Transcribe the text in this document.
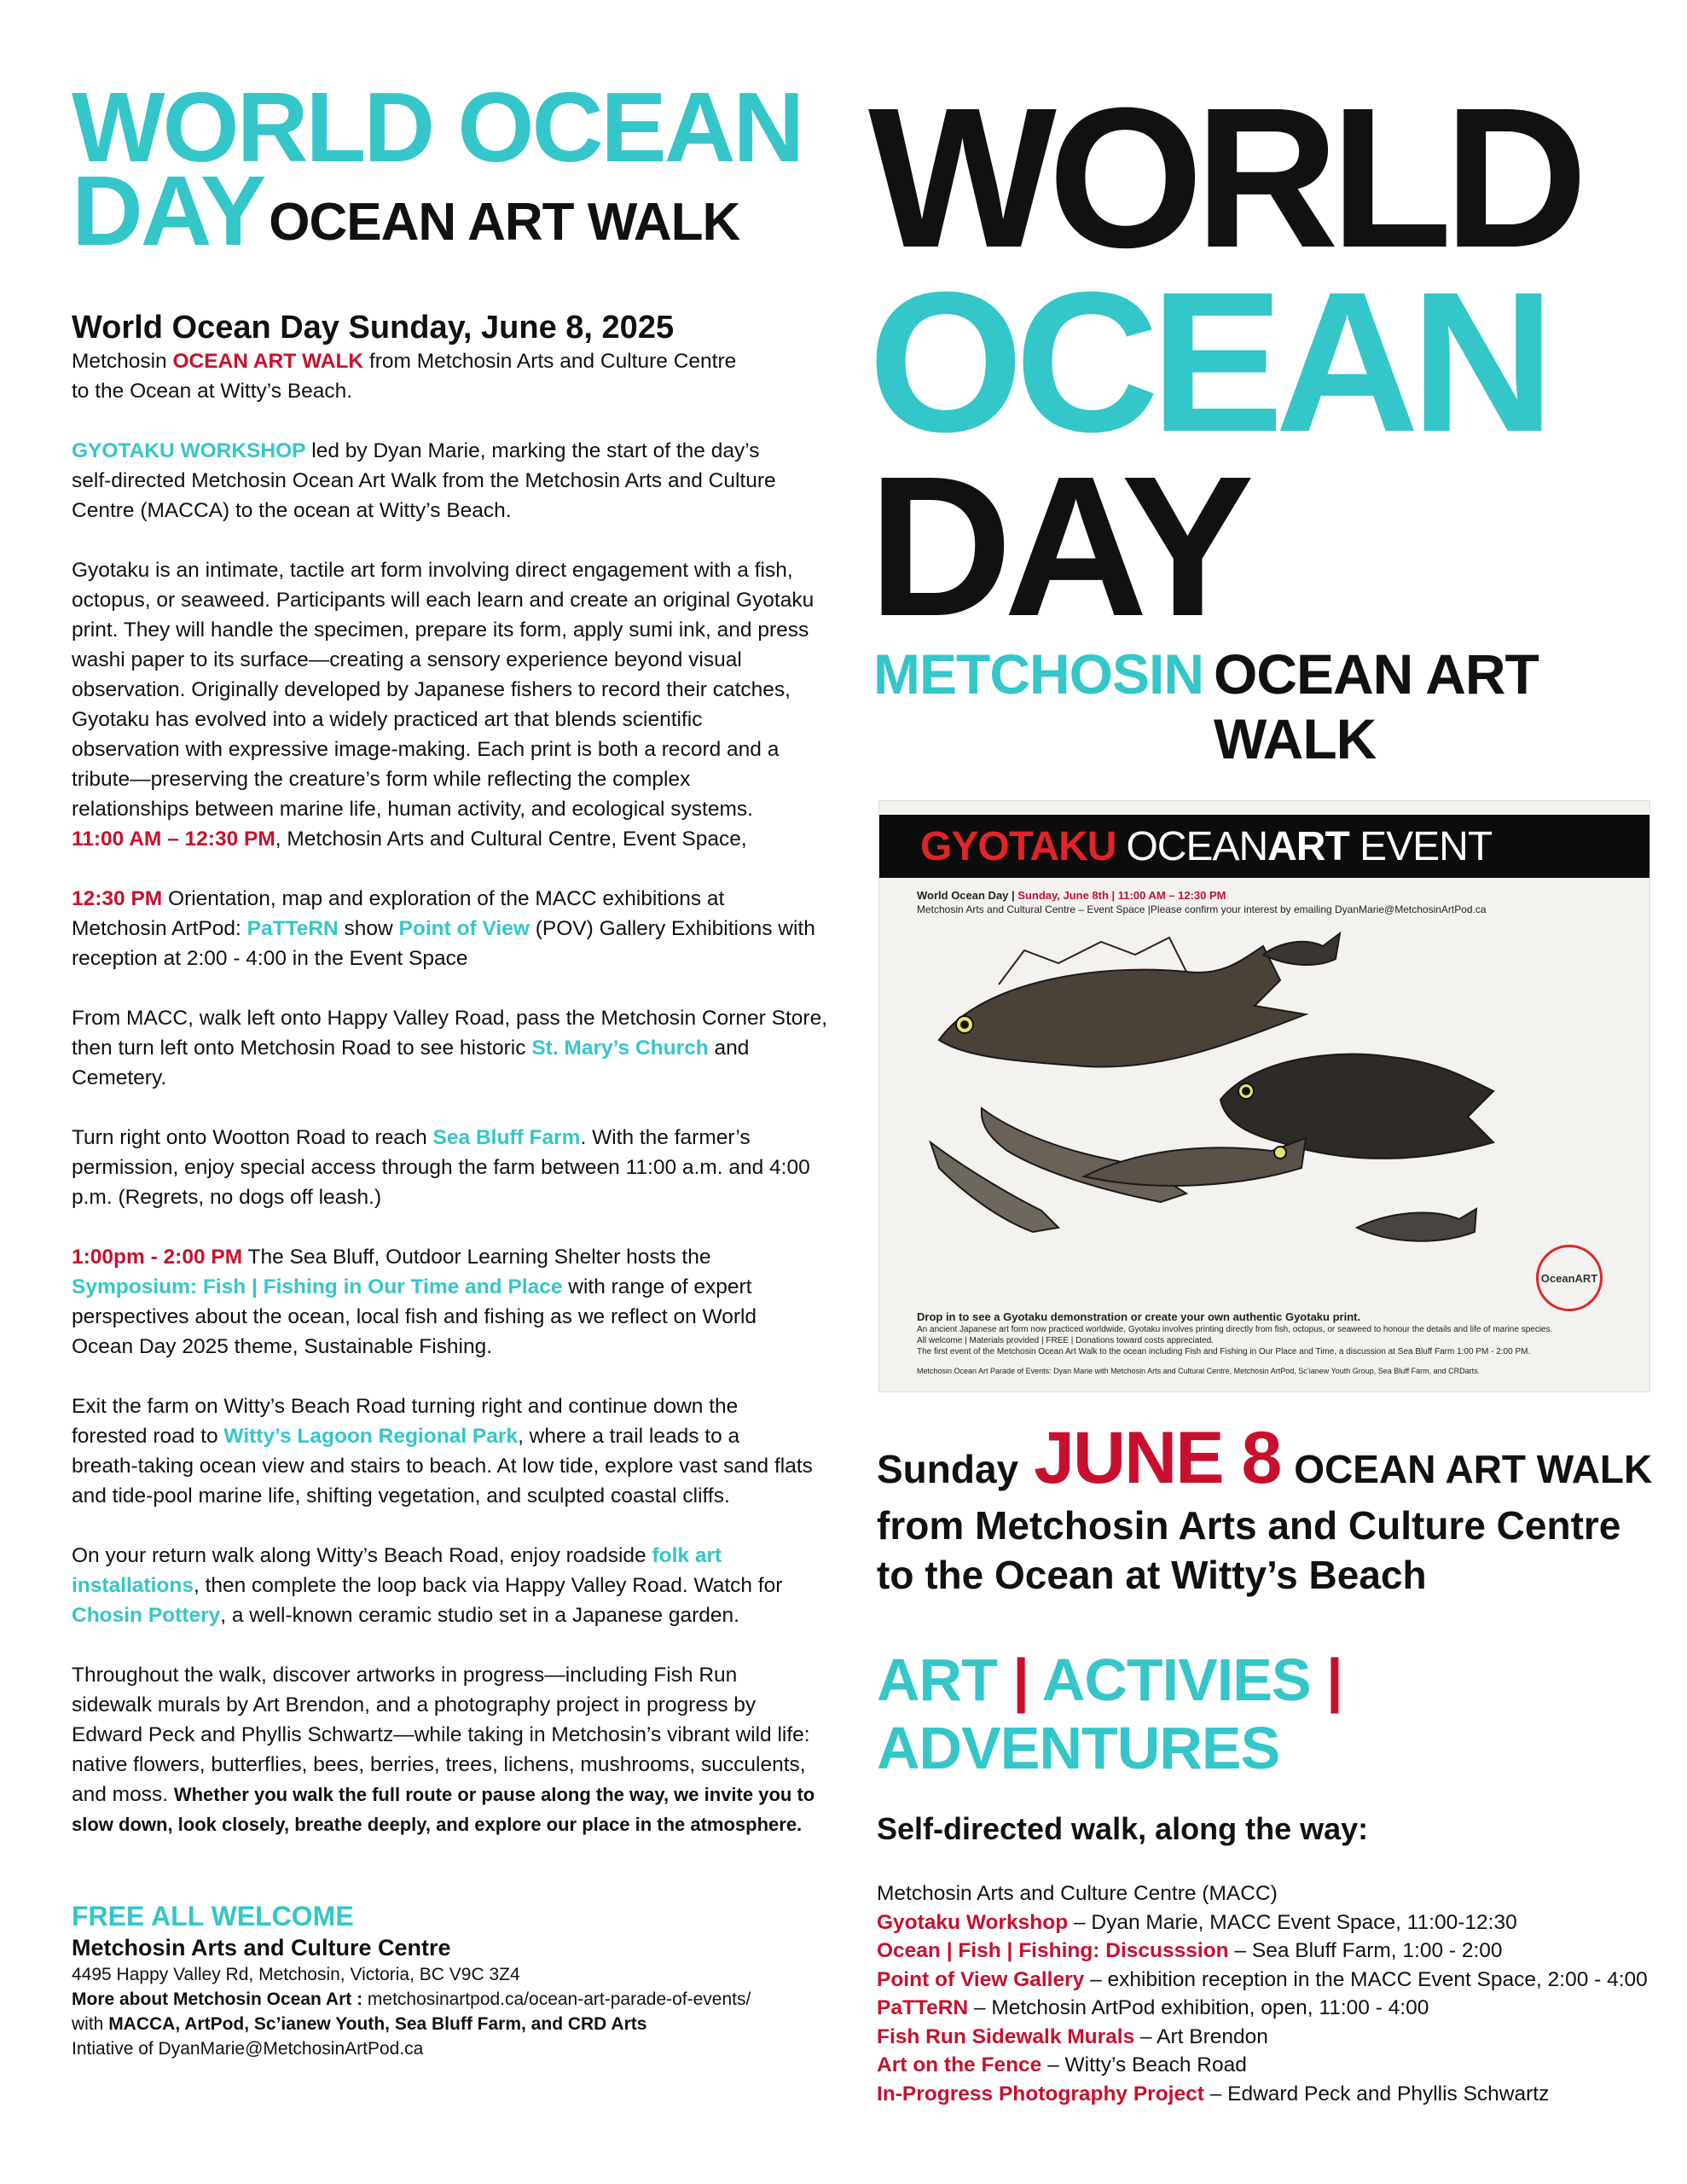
WORLD OCEAN
DAY OCEAN ART WALK
World Ocean Day Sunday, June 8, 2025

Metchosin OCEAN ART WALK from Metchosin Arts and Culture Centre

to the Ocean at Witty’s Beach.

GYOTAKU WORKSHOP led by Dyan Marie, marking the start of the day’s

self-directed Metchosin Ocean Art Walk from the Metchosin Arts and Culture

Centre (MACCA) to the ocean at Witty’s Beach.

Gyotaku is an intimate, tactile art form involving direct engagement with a fish,

octopus, or seaweed. Participants will each learn and create an original Gyotaku

print. They will handle the specimen, prepare its form, apply sumi ink, and press

washi paper to its surface—creating a sensory experience beyond visual

observation. Originally developed by Japanese fishers to record their catches,

Gyotaku has evolved into a widely practiced art that blends scientific

observation with expressive image-making. Each print is both a record and a

tribute—preserving the creature’s form while reflecting the complex

relationships between marine life, human activity, and ecological systems.

11:00 AM – 12:30 PM, Metchosin Arts and Cultural Centre, Event Space,

12:30 PM Orientation, map and exploration of the MACC exhibitions at

Metchosin ArtPod: PaTTeRN show Point of View (POV) Gallery Exhibitions with

reception at 2:00 - 4:00 in the Event Space

From MACC, walk left onto Happy Valley Road, pass the Metchosin Corner Store,

then turn left onto Metchosin Road to see historic St. Mary’s Church and

Cemetery.

Turn right onto Wootton Road to reach Sea Bluff Farm. With the farmer’s

permission, enjoy special access through the farm between 11:00 a.m. and 4:00

p.m. (Regrets, no dogs off leash.)

1:00pm - 2:00 PM The Sea Bluff, Outdoor Learning Shelter hosts the

Symposium: Fish | Fishing in Our Time and Place with range of expert

perspectives about the ocean, local fish and fishing as we reflect on World

Ocean Day 2025 theme, Sustainable Fishing.

Exit the farm on Witty’s Beach Road turning right and continue down the

forested road to Witty’s Lagoon Regional Park, where a trail leads to a

breath-taking ocean view and stairs to beach. At low tide, explore vast sand flats

and tide-pool marine life, shifting vegetation, and sculpted coastal cliffs.

On your return walk along Witty’s Beach Road, enjoy roadside folk art

installations, then complete the loop back via Happy Valley Road. Watch for

Chosin Pottery, a well-known ceramic studio set in a Japanese garden.

Throughout the walk, discover artworks in progress—including Fish Run

sidewalk murals by Art Brendon, and a photography project in progress by

Edward Peck and Phyllis Schwartz—while taking in Metchosin’s vibrant wild life:

native flowers, butterflies, bees, berries, trees, lichens, mushrooms, succulents,

and moss. Whether you walk the full route or pause along the way, we invite you to

slow down, look closely, breathe deeply, and explore our place in the atmosphere.

FREE ALL WELCOME
Metchosin Arts and Culture Centre
4495 Happy Valley Rd, Metchosin, Victoria, BC V9C 3Z4
More about Metchosin Ocean Art : metchosinartpod.ca/ocean-art-parade-of-events/
with MACCA, ArtPod, Sc’ianew Youth, Sea Bluff Farm, and CRD Arts
Intiative of DyanMarie@MetchosinArtPod.ca
WORLD
OCEAN
DAY
METCHOSIN OCEAN ART WALK
GYOTAKU OCEANART EVENT
World Ocean Day | Sunday, June 8th | 11:00 AM – 12:30 PM
Metchosin Arts and Cultural Centre – Event Space |Please confirm your interest by emailing DyanMarie@MetchosinArtPod.ca
OceanART
Drop in to see a Gyotaku demonstration or create your own authentic Gyotaku print.
An ancient Japanese art form now practiced worldwide, Gyotaku involves printing directly from fish, octopus, or seaweed to honour the details and life of marine species.
All welcome | Materials provided | FREE | Donations toward costs appreciated.
The first event of the Metchosin Ocean Art Walk to the ocean including Fish and Fishing in Our Place and Time, a discussion at Sea Bluff Farm 1:00 PM - 2:00 PM.
Metchosin Ocean Art Parade of Events: Dyan Marie with Metchosin Arts and Cultural Centre, Metchosin ArtPod, Sc’ianew Youth Group, Sea Bluff Farm, and CRDarts.
Sunday JUNE 8 OCEAN ART WALK
from Metchosin Arts and Culture Centre
to the Ocean at Witty’s Beach
ART | ACTIVIES | ADVENTURES
Self-directed walk, along the way:
Metchosin Arts and Culture Centre (MACC)
Gyotaku Workshop – Dyan Marie, MACC Event Space, 11:00-12:30
Ocean | Fish | Fishing: Discusssion – Sea Bluff Farm, 1:00 - 2:00
Point of View Gallery – exhibition reception in the MACC Event Space, 2:00 - 4:00
PaTTeRN – Metchosin ArtPod exhibition, open, 11:00 - 4:00
Fish Run Sidewalk Murals – Art Brendon
Art on the Fence – Witty’s Beach Road
In-Progress Photography Project – Edward Peck and Phyllis Schwartz
